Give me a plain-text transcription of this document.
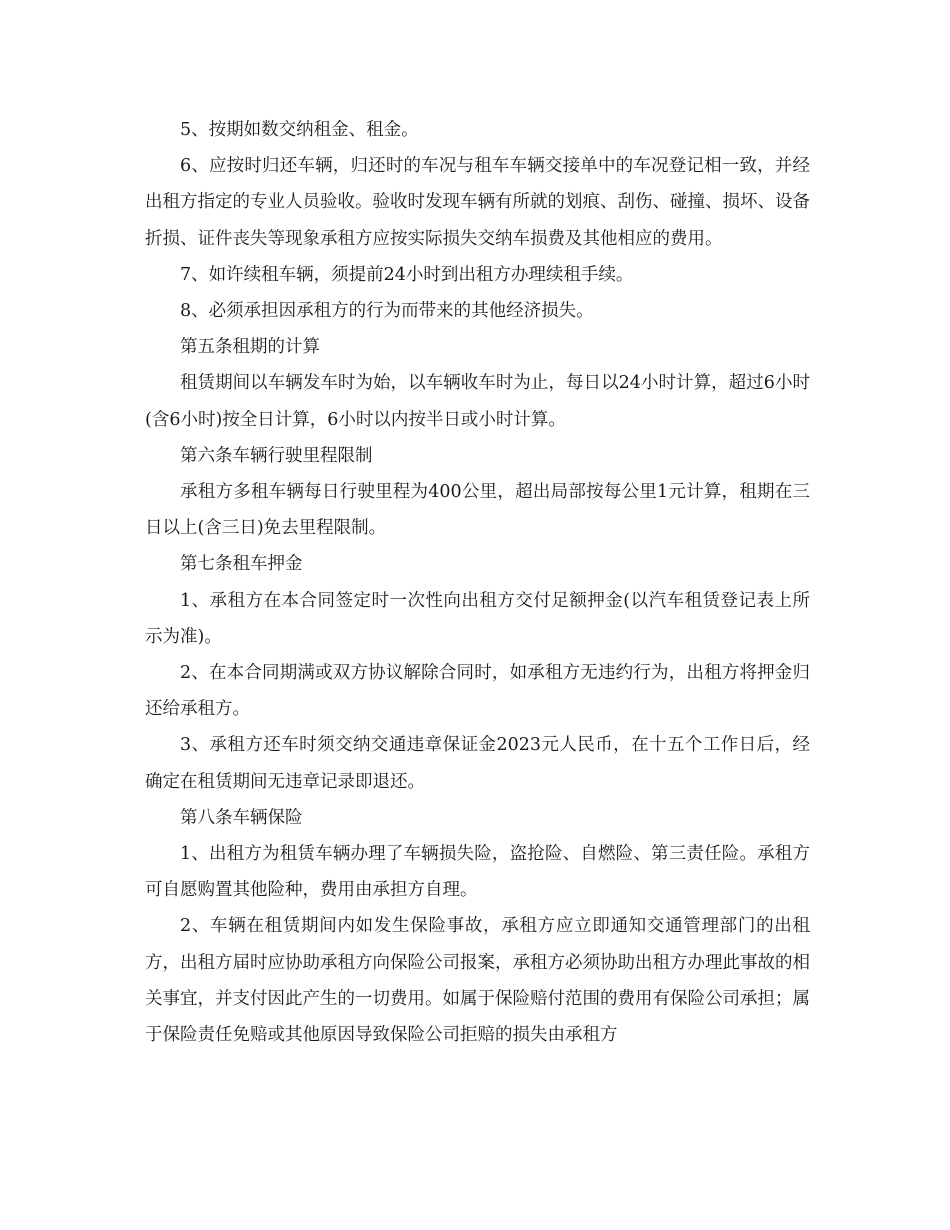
5、按期如数交纳租金、租金。

6、应按时归还车辆，归还时的车况与租车车辆交接单中的车况登记相一致，并经出租方指定的专业人员验收。验收时发现车辆有所就的划痕、刮伤、碰撞、损坏、设备折损、证件丧失等现象承租方应按实际损失交纳车损费及其他相应的费用。

7、如许续租车辆，须提前24小时到出租方办理续租手续。

8、必须承担因承租方的行为而带来的其他经济损失。

第五条租期的计算

租赁期间以车辆发车时为始，以车辆收车时为止，每日以24小时计算，超过6小时(含6小时)按全日计算，6小时以内按半日或小时计算。

第六条车辆行驶里程限制

承租方多租车辆每日行驶里程为400公里，超出局部按每公里1元计算，租期在三日以上(含三日)免去里程限制。

第七条租车押金

1、承租方在本合同签定时一次性向出租方交付足额押金(以汽车租赁登记表上所示为准)。

2、在本合同期满或双方协议解除合同时，如承租方无违约行为，出租方将押金归还给承租方。

3、承租方还车时须交纳交通违章保证金2023元人民币，在十五个工作日后，经确定在租赁期间无违章记录即退还。

第八条车辆保险

1、出租方为租赁车辆办理了车辆损失险，盗抢险、自燃险、第三责任险。承租方可自愿购置其他险种，费用由承担方自理。

2、车辆在租赁期间内如发生保险事故，承租方应立即通知交通管理部门的出租方，出租方届时应协助承租方向保险公司报案，承租方必须协助出租方办理此事故的相关事宜，并支付因此产生的一切费用。如属于保险赔付范围的费用有保险公司承担；属于保险责任免赔或其他原因导致保险公司拒赔的损失由承租方
